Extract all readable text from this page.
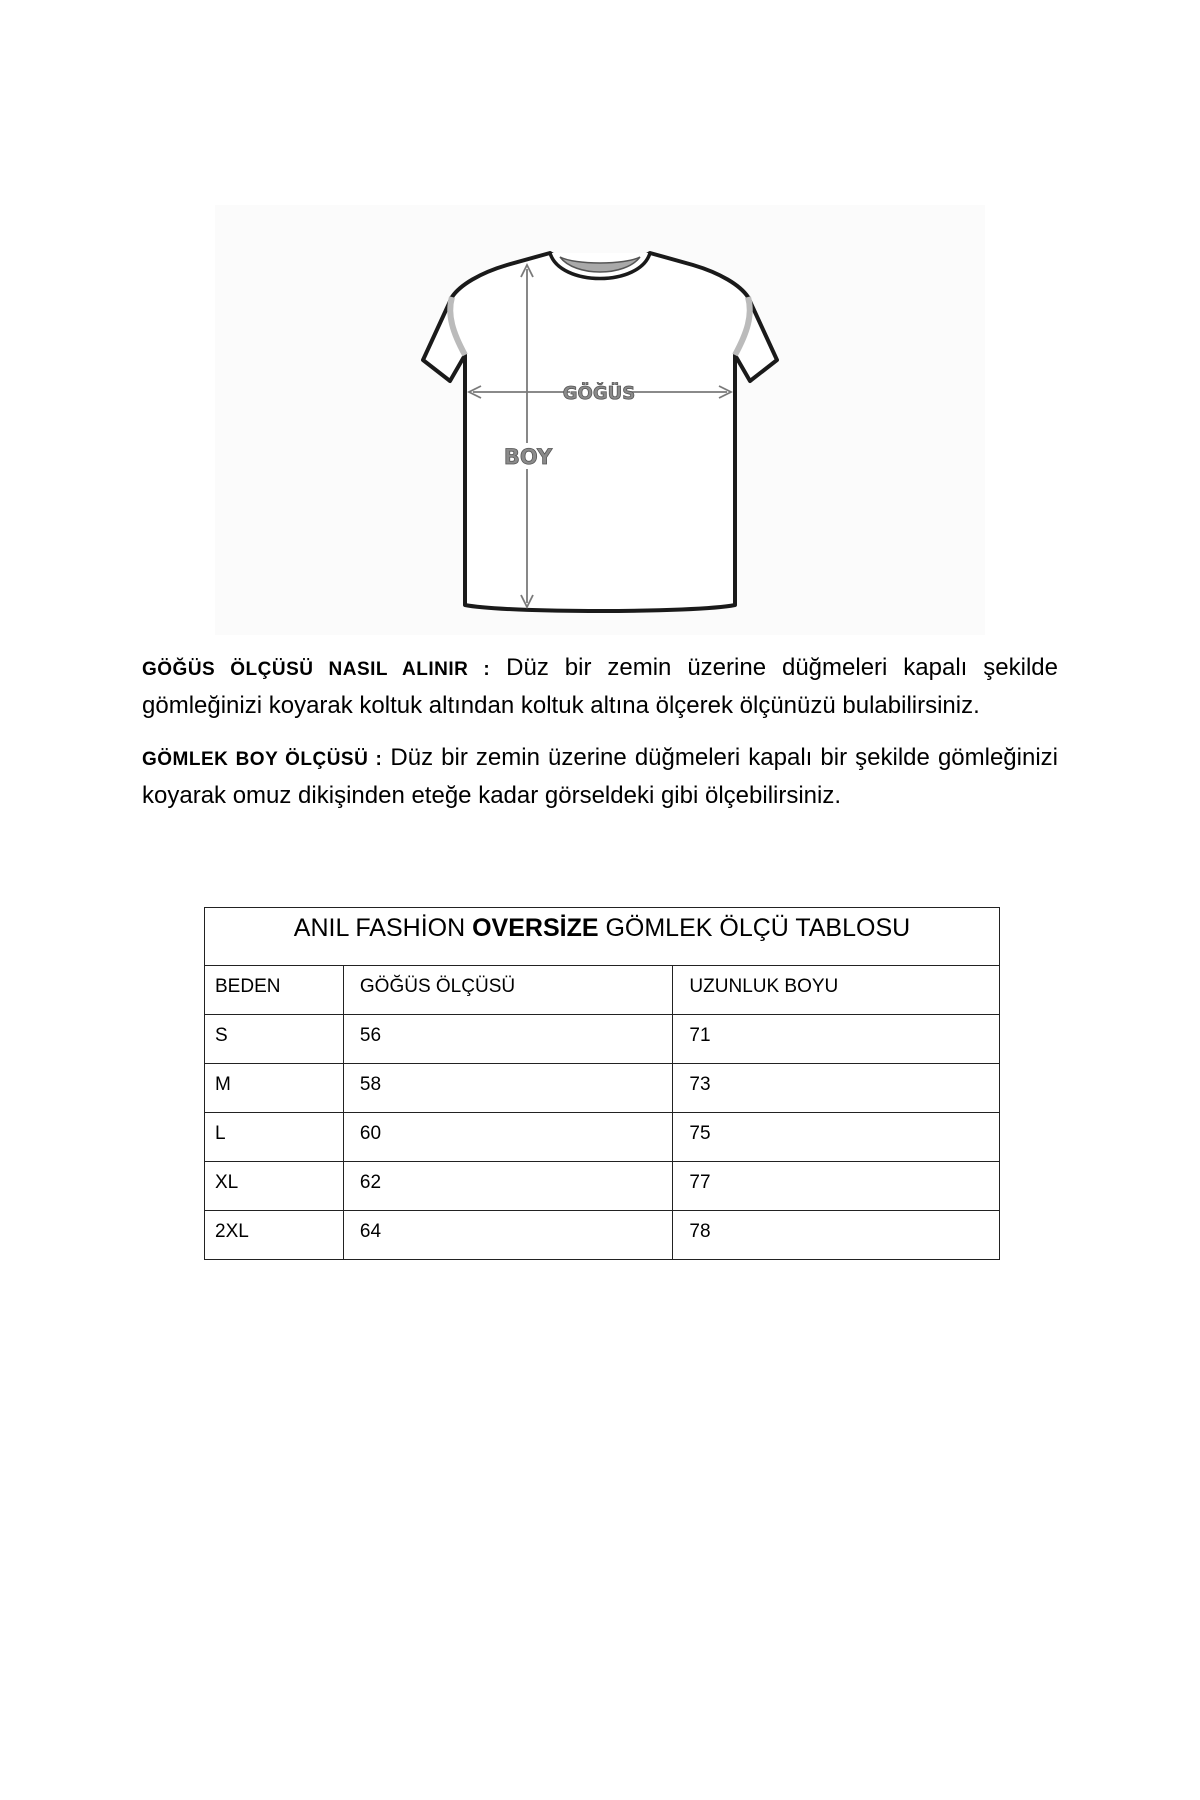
GÖĞÜS
BOY
GÖĞÜS ÖLÇÜSÜ NASIL ALINIR : Düz bir zemin üzerine düğmeleri kapalı şekilde gömleğinizi koyarak koltuk altından koltuk altına ölçerek ölçünüzü bulabilirsiniz.
GÖMLEK BOY ÖLÇÜSÜ : Düz bir zemin üzerine düğmeleri kapalı bir şekilde gömleğinizi koyarak omuz dikişinden eteğe kadar görseldeki gibi ölçebilirsiniz.
ANIL FASHİON OVERSİZE GÖMLEK ÖLÇÜ TABLOSU		
BEDEN	GÖĞÜS ÖLÇÜSÜ	UZUNLUK BOYU
S	56	71
M	58	73
L	60	75
XL	62	77
2XL	64	78
